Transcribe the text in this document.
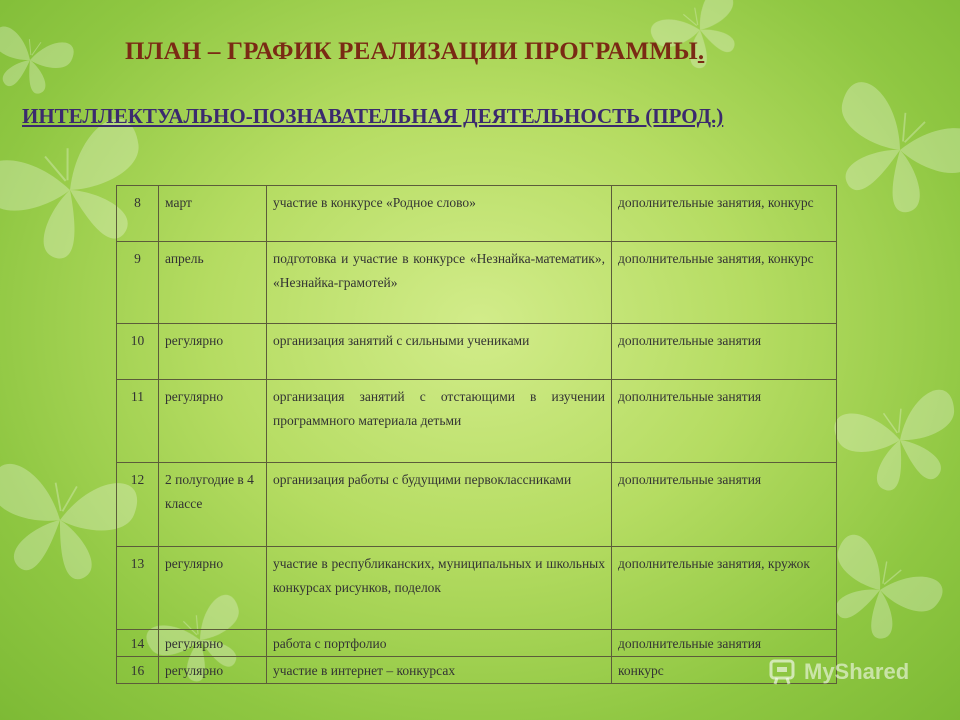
ПЛАН – ГРАФИК РЕАЛИЗАЦИИ ПРОГРАММЫ.
ИНТЕЛЛЕКТУАЛЬНО-ПОЗНАВАТЕЛЬНАЯ ДЕЯТЕЛЬНОСТЬ (ПРОД.)
8	март	участие в конкурсе «Родное слово»	дополнительные занятия, конкурс
9	апрель	подготовка и участие в конкурсе «Незнайка-математик», «Незнайка-грамотей»	дополнительные занятия, конкурс
10	регулярно	организация занятий с сильными учениками	дополнительные занятия
11	регулярно	организация занятий с отстающими в изучении программного материала детьми	дополнительные занятия
12	2 полугодие в 4 классе	организация работы с будущими первоклассниками	дополнительные занятия
13	регулярно	участие в республиканских, муниципальных и школьных конкурсах рисунков, поделок	дополнительные занятия, кружок
14	регулярно	работа с портфолио	дополнительные занятия
16	регулярно	участие в интернет – конкурсах	конкурс	MyShared
